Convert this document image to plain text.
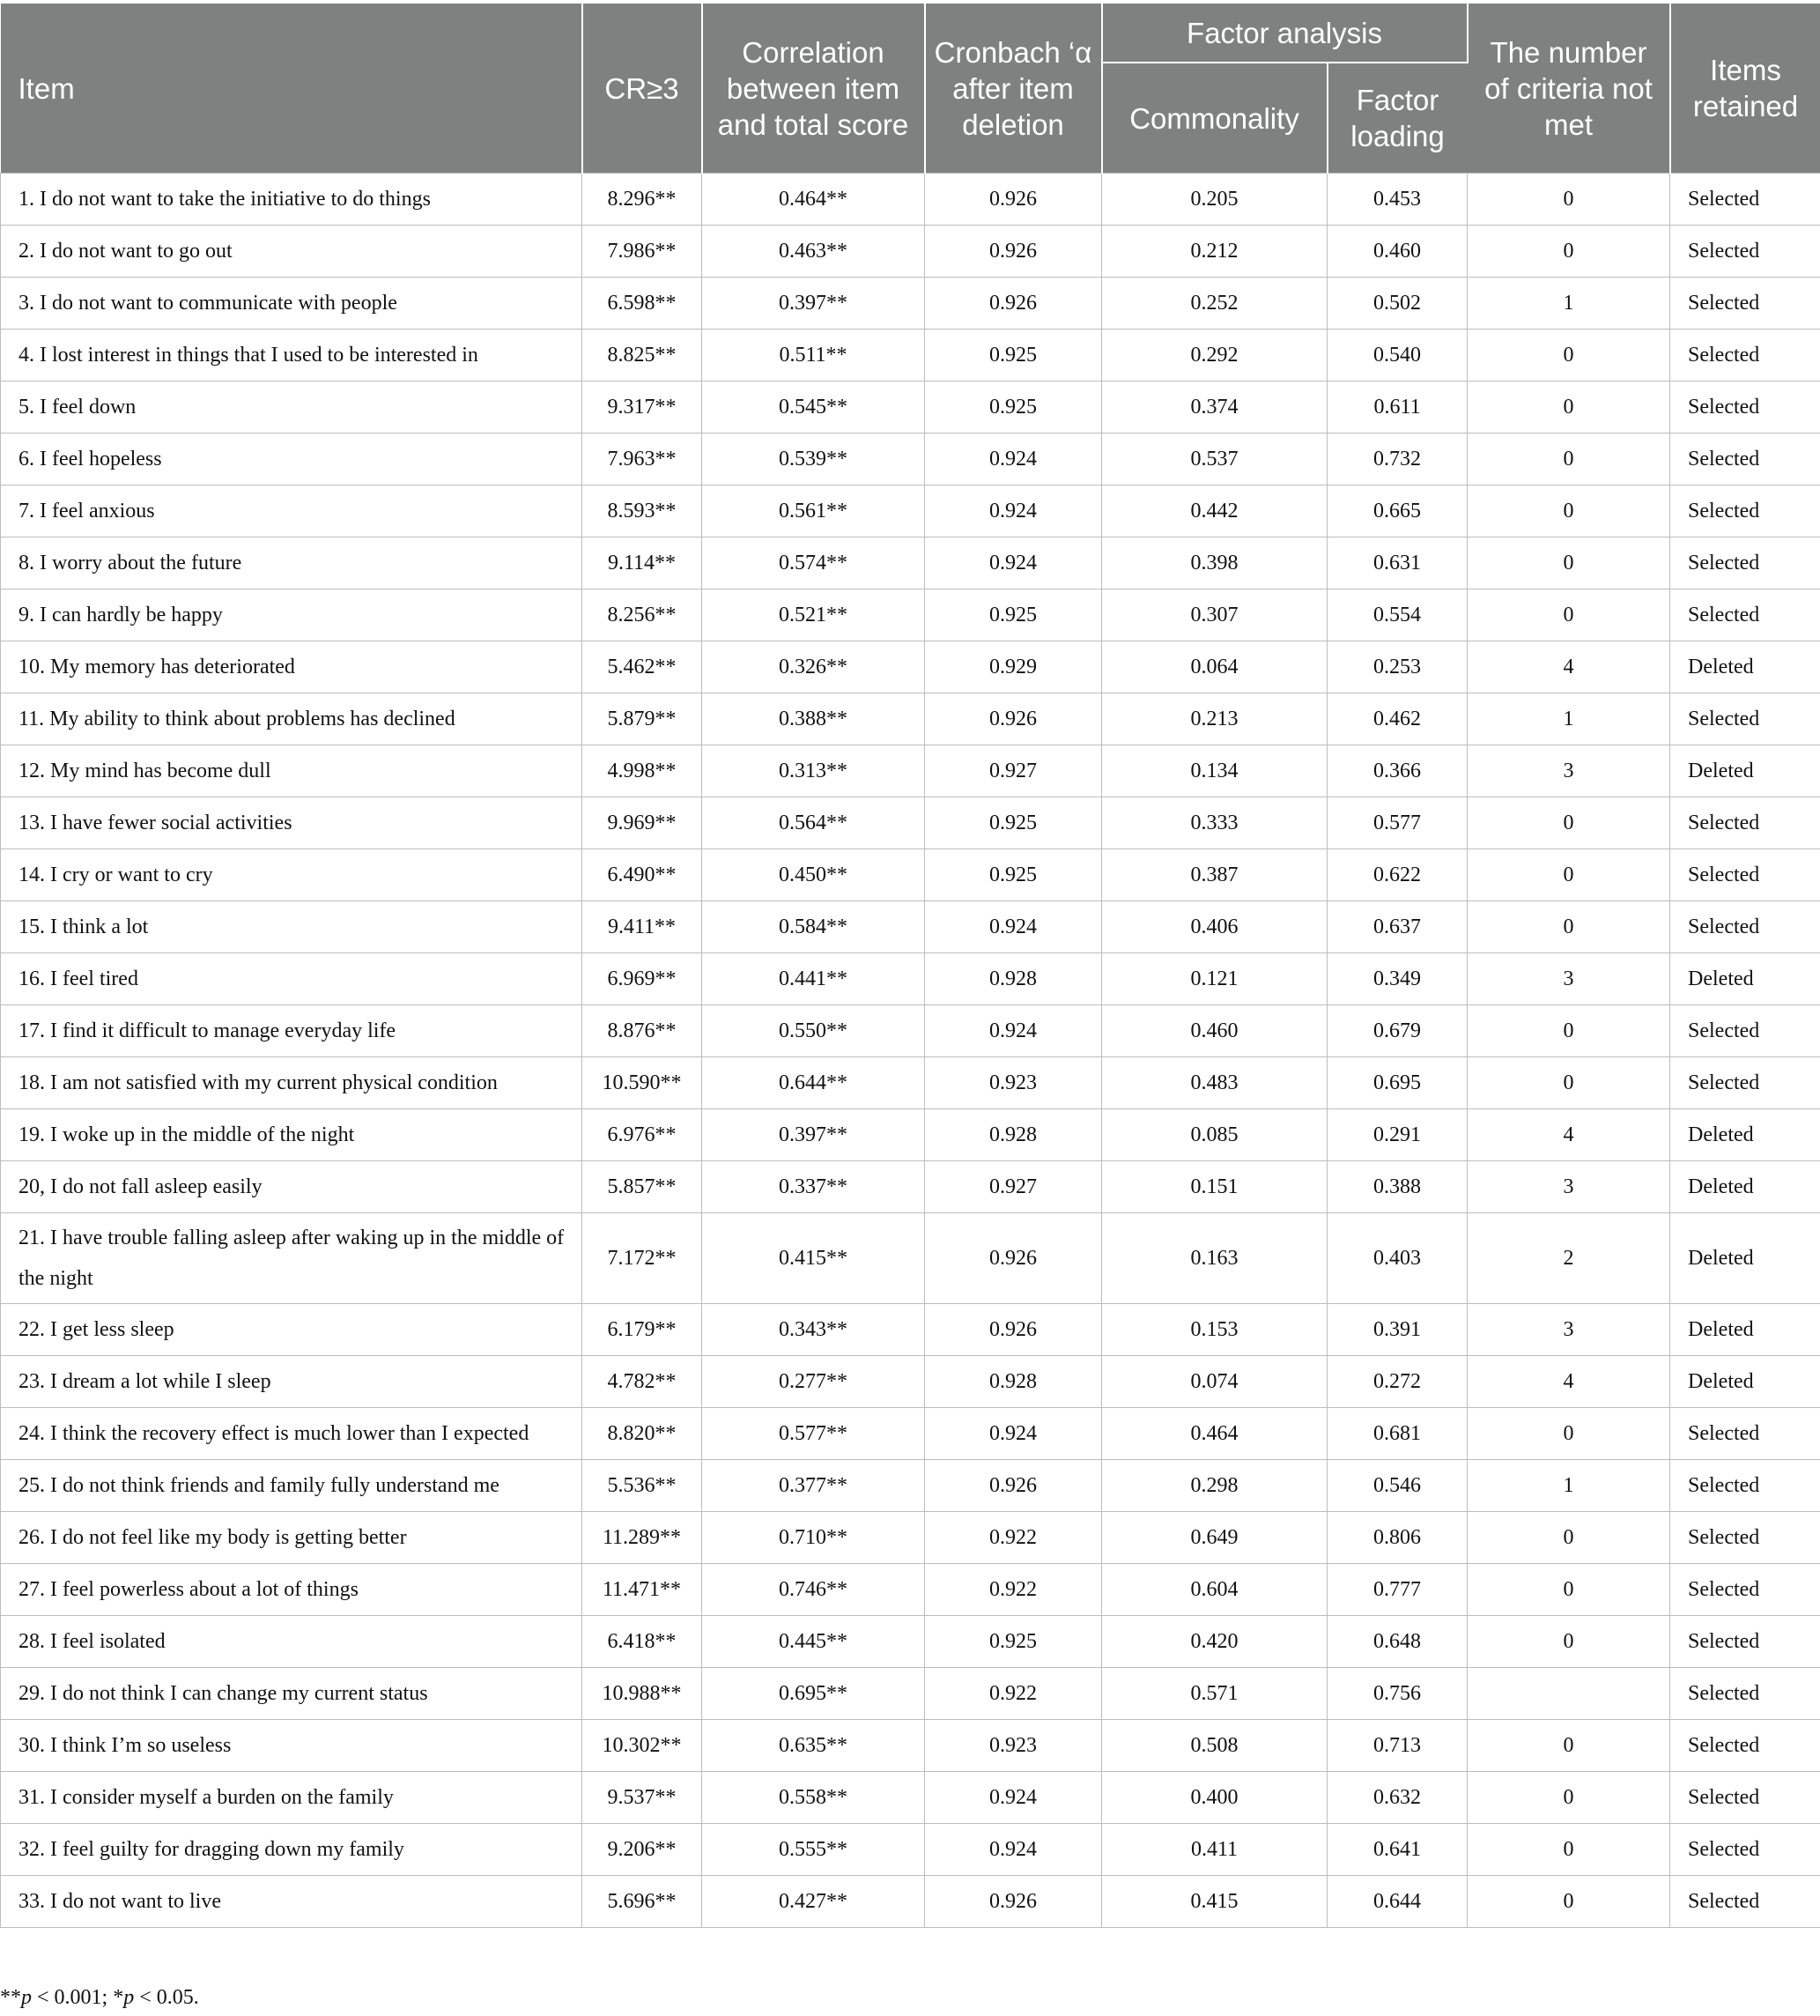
Item	CR≥3	Correlation between item and total score	Cronbach ‘α after item deletion	Factor analysis		The number of criteria not met	Items retained
				Commonality	Factor loading		
1. I do not want to take the initiative to do things	8.296**	0.464**	0.926	0.205	0.453	0	Selected
2. I do not want to go out	7.986**	0.463**	0.926	0.212	0.460	0	Selected
3. I do not want to communicate with people	6.598**	0.397**	0.926	0.252	0.502	1	Selected
4. I lost interest in things that I used to be interested in	8.825**	0.511**	0.925	0.292	0.540	0	Selected
5. I feel down	9.317**	0.545**	0.925	0.374	0.611	0	Selected
6. I feel hopeless	7.963**	0.539**	0.924	0.537	0.732	0	Selected
7. I feel anxious	8.593**	0.561**	0.924	0.442	0.665	0	Selected
8. I worry about the future	9.114**	0.574**	0.924	0.398	0.631	0	Selected
9. I can hardly be happy	8.256**	0.521**	0.925	0.307	0.554	0	Selected
10. My memory has deteriorated	5.462**	0.326**	0.929	0.064	0.253	4	Deleted
11. My ability to think about problems has declined	5.879**	0.388**	0.926	0.213	0.462	1	Selected
12. My mind has become dull	4.998**	0.313**	0.927	0.134	0.366	3	Deleted
13. I have fewer social activities	9.969**	0.564**	0.925	0.333	0.577	0	Selected
14. I cry or want to cry	6.490**	0.450**	0.925	0.387	0.622	0	Selected
15. I think a lot	9.411**	0.584**	0.924	0.406	0.637	0	Selected
16. I feel tired	6.969**	0.441**	0.928	0.121	0.349	3	Deleted
17. I find it difficult to manage everyday life	8.876**	0.550**	0.924	0.460	0.679	0	Selected
18. I am not satisfied with my current physical condition	10.590**	0.644**	0.923	0.483	0.695	0	Selected
19. I woke up in the middle of the night	6.976**	0.397**	0.928	0.085	0.291	4	Deleted
20, I do not fall asleep easily	5.857**	0.337**	0.927	0.151	0.388	3	Deleted
21. I have trouble falling asleep after waking up in the middle of the night	7.172**	0.415**	0.926	0.163	0.403	2	Deleted
22. I get less sleep	6.179**	0.343**	0.926	0.153	0.391	3	Deleted
23. I dream a lot while I sleep	4.782**	0.277**	0.928	0.074	0.272	4	Deleted
24. I think the recovery effect is much lower than I expected	8.820**	0.577**	0.924	0.464	0.681	0	Selected
25. I do not think friends and family fully understand me	5.536**	0.377**	0.926	0.298	0.546	1	Selected
26. I do not feel like my body is getting better	11.289**	0.710**	0.922	0.649	0.806	0	Selected
27. I feel powerless about a lot of things	11.471**	0.746**	0.922	0.604	0.777	0	Selected
28. I feel isolated	6.418**	0.445**	0.925	0.420	0.648	0	Selected
29. I do not think I can change my current status	10.988**	0.695**	0.922	0.571	0.756		Selected
30. I think I’m so useless	10.302**	0.635**	0.923	0.508	0.713	0	Selected
31. I consider myself a burden on the family	9.537**	0.558**	0.924	0.400	0.632	0	Selected
32. I feel guilty for dragging down my family	9.206**	0.555**	0.924	0.411	0.641	0	Selected
33. I do not want to live	5.696**	0.427**	0.926	0.415	0.644	0	Selected
**p < 0.001; *p < 0.05.
